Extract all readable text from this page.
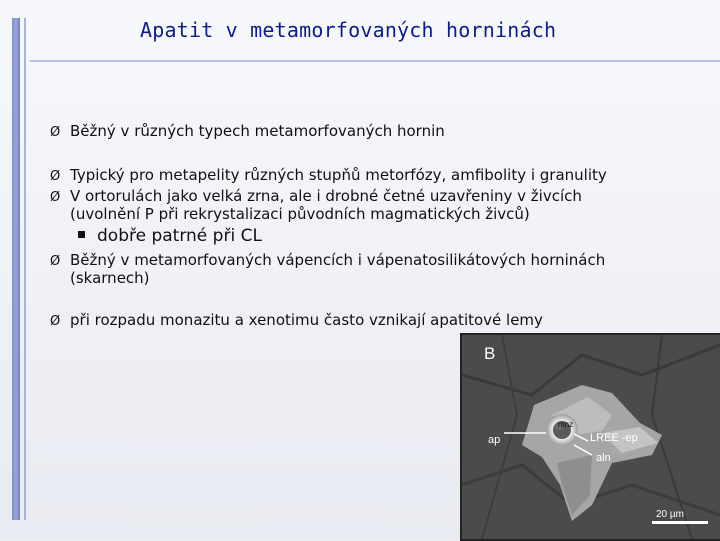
Apatit v metamorfovaných horninách
Ø Běžný v různých typech metamorfovaných hornin
Ø Typický pro metapelity různých stupňů metorfózy, amfibolity i granulity
Ø V ortorulách jako velká zrna, ale i drobné četné uzavřeniny v živcích
(uvolnění P při rekrystalizaci původních magmatických živců)
dobře patrné při CL
Ø Běžný v metamorfovaných vápencích i vápenatosilikátových horninách
(skarnech)
Ø při rozpadu monazitu a xenotimu často vznikají apatitové lemy
B
mnz
ap	LREE -ep
aln
20 µm
